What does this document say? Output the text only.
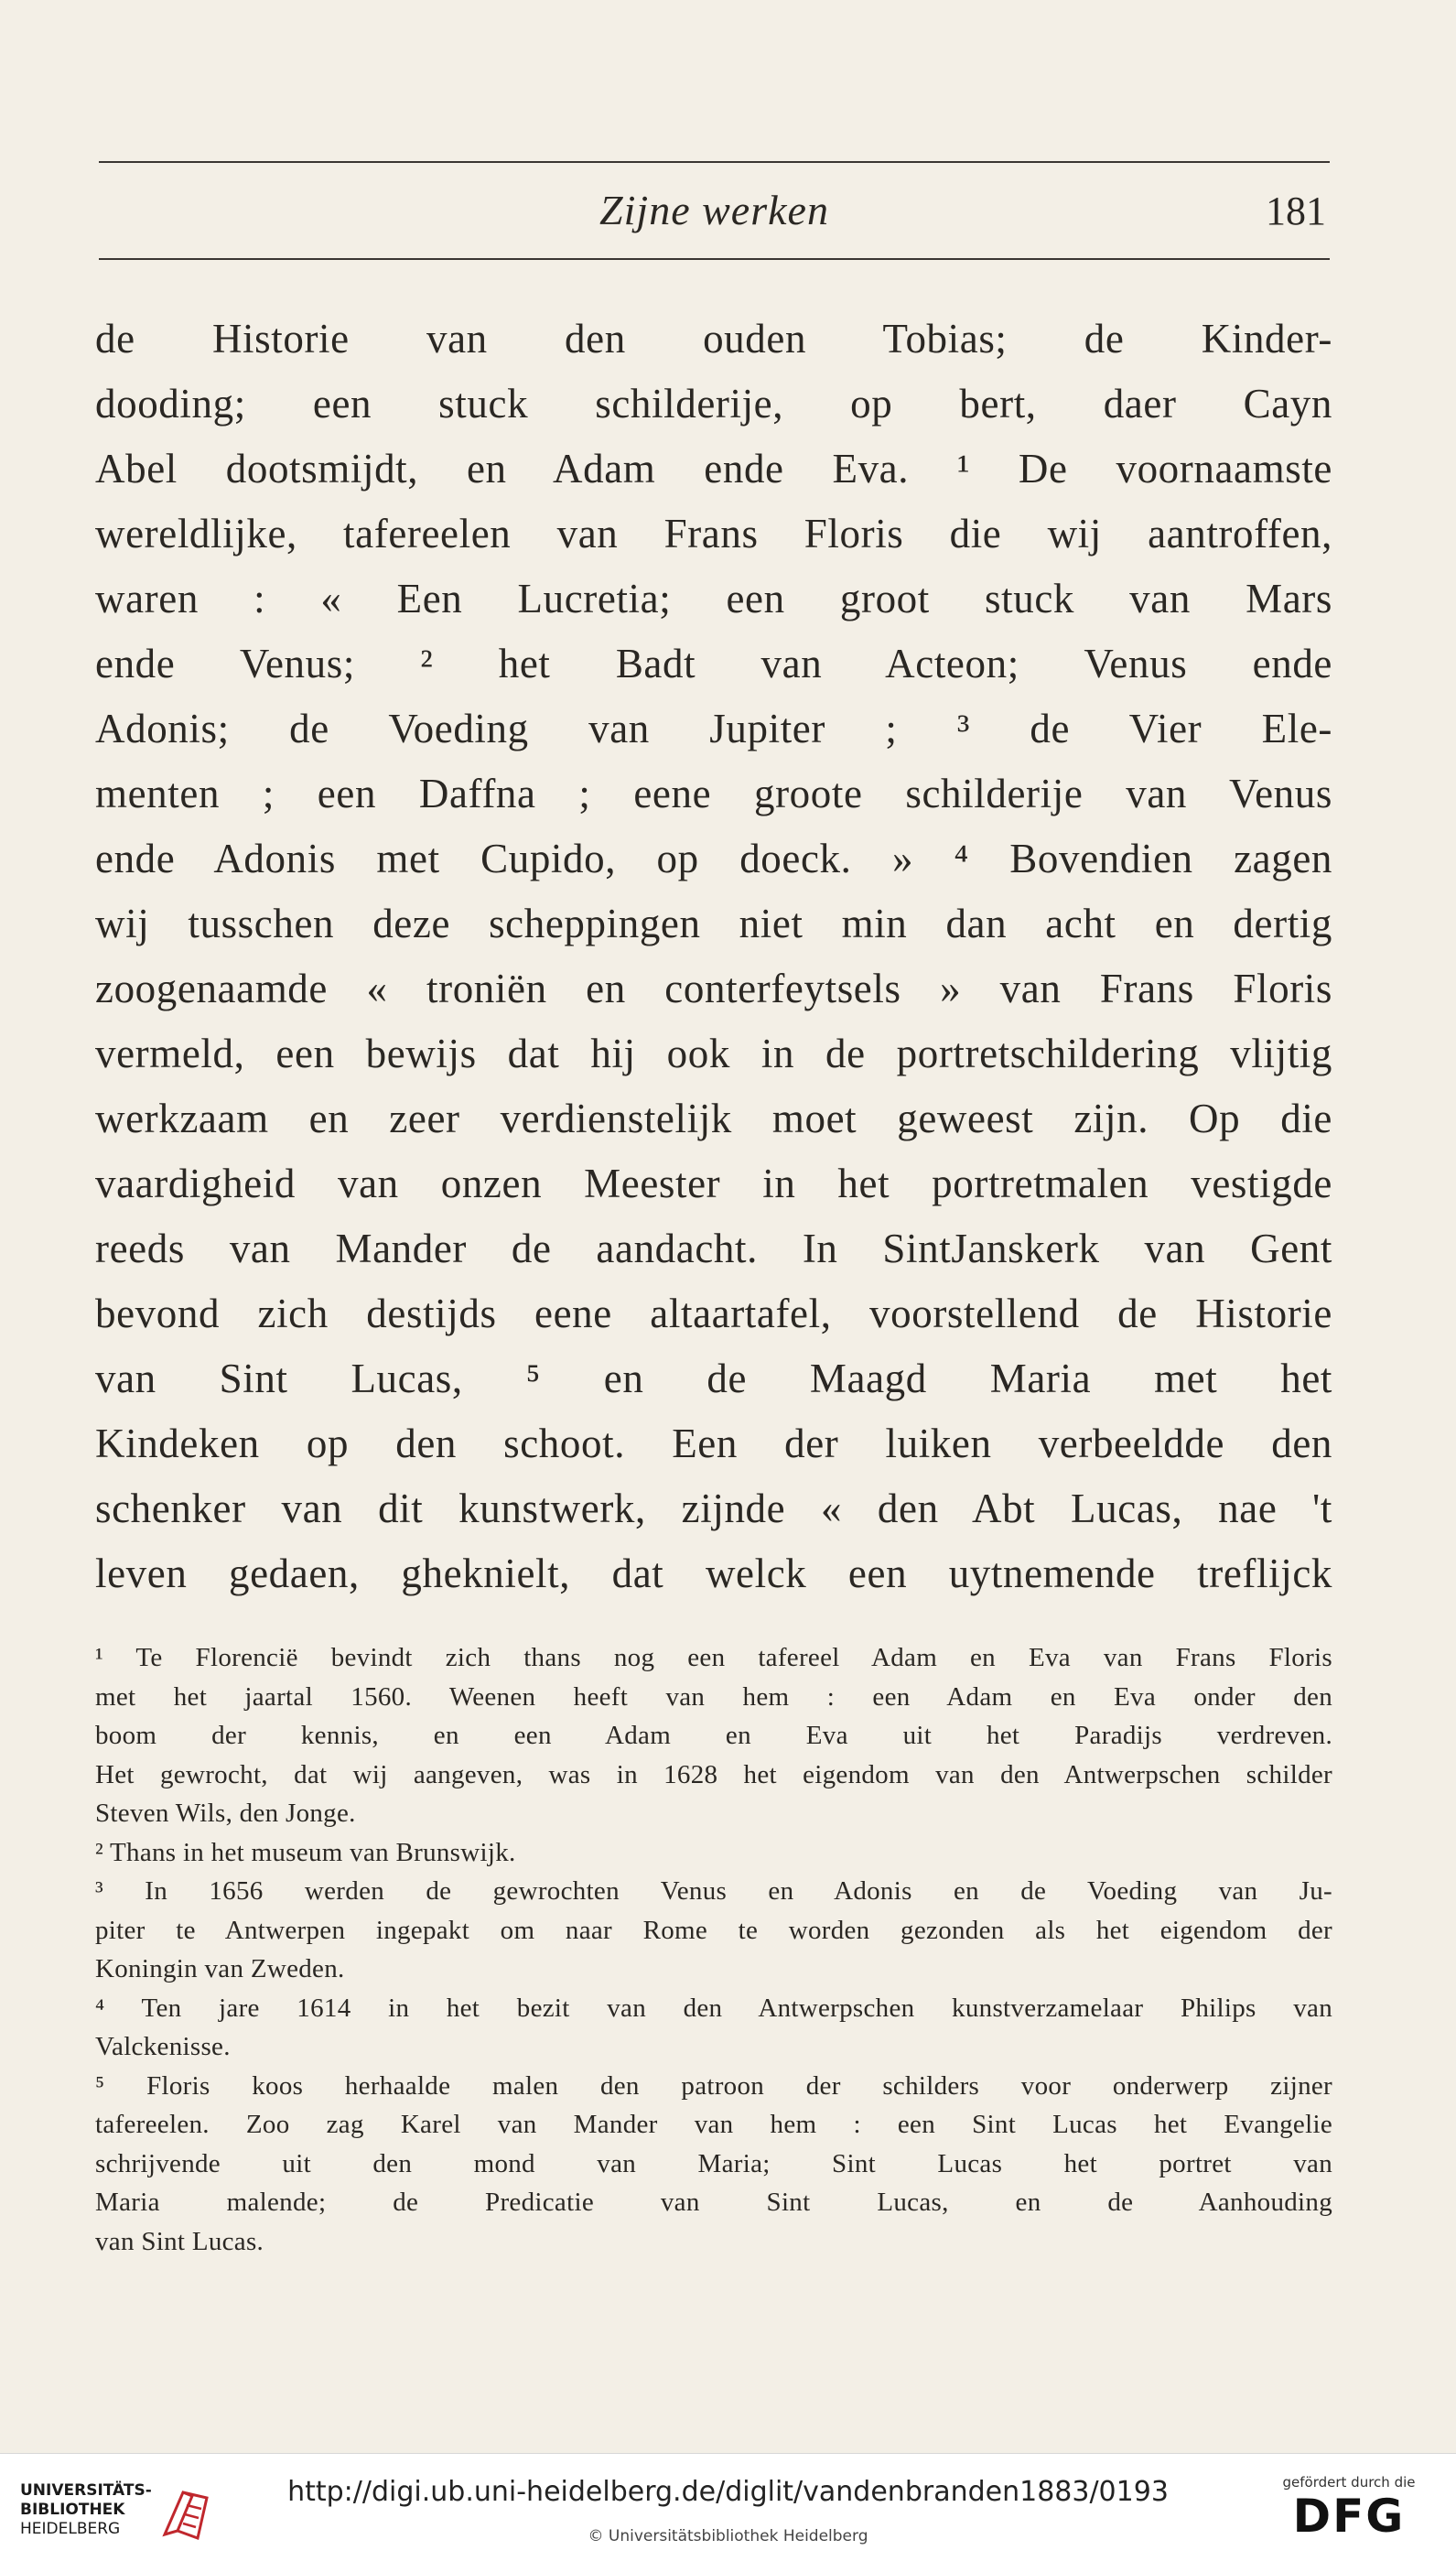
Zijne werken	181
de Historie van den ouden Tobias; de Kinder-
dooding; een stuck schilderije, op bert, daer Cayn
Abel dootsmijdt, en Adam ende Eva. ¹ De voornaamste
wereldlijke, tafereelen van Frans Floris die wij aantroffen,
waren : « Een Lucretia; een groot stuck van Mars
ende Venus; ² het Badt van Acteon; Venus ende
Adonis; de Voeding van Jupiter ; ³ de Vier Ele-
menten ; een Daffna ; eene groote schilderije van Venus
ende Adonis met Cupido, op doeck. » ⁴ Bovendien zagen
wij tusschen deze scheppingen niet min dan acht en dertig
zoogenaamde « troniën en conterfeytsels » van Frans Floris
vermeld, een bewijs dat hij ook in de portretschildering vlijtig
werkzaam en zeer verdienstelijk moet geweest zijn. Op die
vaardigheid van onzen Meester in het portretmalen vestigde
reeds van Mander de aandacht. In SintJanskerk van Gent
bevond zich destijds eene altaartafel, voorstellend de Historie
van Sint Lucas, ⁵ en de Maagd Maria met het
Kindeken op den schoot. Een der luiken verbeeldde den
schenker van dit kunstwerk, zijnde « den Abt Lucas, nae 't
leven gedaen, gheknielt, dat welck een uytnemende treflijck
¹ Te Florencië bevindt zich thans nog een tafereel Adam en Eva van Frans Floris
met het jaartal 1560. Weenen heeft van hem : een Adam en Eva onder den
boom der kennis, en een Adam en Eva uit het Paradijs verdreven.
Het gewrocht, dat wij aangeven, was in 1628 het eigendom van den Antwerpschen schilder
Steven Wils, den Jonge.
² Thans in het museum van Brunswijk.
³ In 1656 werden de gewrochten Venus en Adonis en de Voeding van Ju-
piter te Antwerpen ingepakt om naar Rome te worden gezonden als het eigendom der
Koningin van Zweden.
⁴ Ten jare 1614 in het bezit van den Antwerpschen kunstverzamelaar Philips van
Valckenisse.
⁵ Floris koos herhaalde malen den patroon der schilders voor onderwerp zijner
tafereelen. Zoo zag Karel van Mander van hem : een Sint Lucas het Evangelie
schrijvende uit den mond van Maria; Sint Lucas het portret van
Maria malende; de Predicatie van Sint Lucas, en de Aanhouding
van Sint Lucas.
UNIVERSITÄTS-
BIBLIOTHEK
HEIDELBERG
http://digi.ub.uni-heidelberg.de/diglit/vandenbranden1883/0193
© Universitätsbibliothek Heidelberg
gefördert durch die
DFG
